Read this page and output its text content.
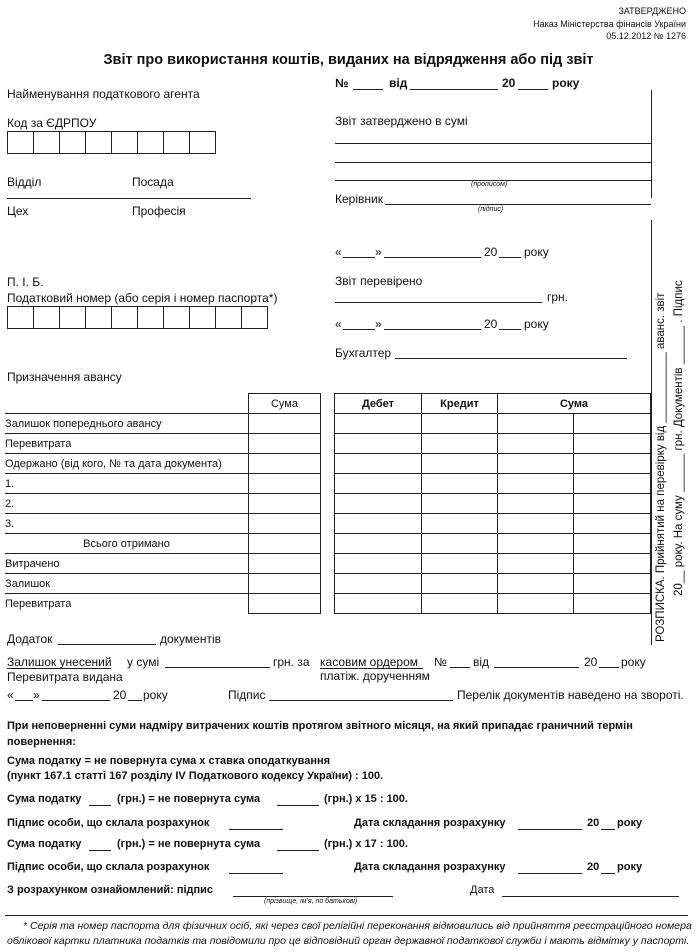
ЗАТВЕРДЖЕНО
Наказ Міністерства фінансів України
05.12.2012 № 1276
Звіт про використання коштів, виданих на відрядження або під звіт
№	від	20	року
Найменування податкового агента
Код за ЄДРПОУ
Відділ	Посада
Цех	Професія
П. І. Б.
Податковий номер (або серія і номер паспорта*)
Призначення авансу
Звіт затверджено в сумі
(прописом)
Керівник
(підпис)
«	»	20 року
Звіт перевірено
грн.
«	»	20 року
Бухгалтер	РОЗПИСКА. Прийнятий на перевірку від ___________ аванс. звіт 20__ року. На суму ______ грн. Документів ______ . Підпис
	Сума
Залишок попереднього авансу	
Перевитрата	
Одержано (від кого, № та дата документа)	
1.	
2.	
3.	
Всього отримано	
Витрачено	
Залишок	
Перевитрата	
Дебет	Кредит	Сума	

Додаток	документів
Залишок унесений у сумі	грн. за касовим ордером
платіж. дорученням
№ від	20 року
Перевитрата видана
« »	20 року	Підпис	Перелік документів наведено на звороті.
При неповерненні суми надміру витрачених коштів протягом звітного місяця, на який припадає граничний термін повернення:
Сума податку = не повернута сума x ставка оподаткування
(пункт 167.1 статті 167 розділу IV Податкового кодексу України) : 100.
Сума податку	(грн.) = не повернута сума	(грн.) x 15 : 100.
Підпис особи, що склала розрахунок	Дата складання розрахунку	20 року
Сума податку	(грн.) = не повернута сума	(грн.) x 17 : 100.
Підпис особи, що склала розрахунок	Дата складання розрахунку	20 року
З розрахунком ознайомлений: підпис
(прізвище, ім'я, по батькові)
Дата
* Серія та номер паспорта для фізичних осіб, які через свої релігійні переконання відмовились від прийняття реєстраційного номера
облікової картки платника податків та повідомили про це відповідний орган державної податкової служби і мають відмітку у паспорті.
